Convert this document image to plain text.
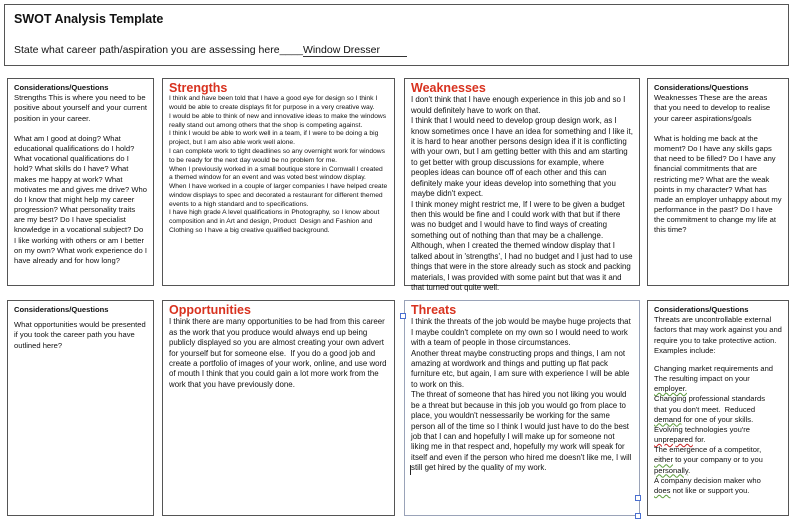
SWOT Analysis Template
State what career path/aspiration you are assessing here____Window Dresser
Considerations/Questions

Strengths This is where you need to be positive about yourself and your current position in your career.

What am I good at doing? What educational qualifications do I hold? What vocational qualifications do I hold? What skills do I have? What makes me happy at work? What motivates me and gives me drive? Who do I know that might help my career progression? What personality traits are my best? Do I have specialist knowledge in a vocational subject? Do I like working with others or am I better on my own? What work experience do I have already and for how long?

Strengths

I think and have been told that I have a good eye for design so I think I would be able to create displays fit for purpose in a very creative way.
I would be able to think of new and innovative ideas to make the windows really stand out among others that the shop is competing against.
I think I would be able to work well in a team, if I were to be doing a big project, but I am also able work well alone.
I can complete work to tight deadlines so any overnight work for windows to be ready for the next day would be no problem for me.
When I previously worked in a small boutique store in Cornwall I created a themed window for an event and was voted best window display.
When I have worked in a couple of larger companies I have helped create window displays to spec and decorated a restaurant for different themed events to a high standard and to specifications.
I have high grade A level qualifications in Photography, so I know about composition and in Art and design, Product  Design and Fashion and Clothing so I have a big creative qualified background.

Weaknesses

I don't think that I have enough experience in this job and so I would definitely have to work on that.
I think that I would need to develop group design work, as I know sometimes once I have an idea for something and I like it, it is hard to hear another persons design idea if it is conflicting with your own, but I am getting better with this and am starting to get better with group discussions for example, where peoples ideas can bounce off of each other and this can definitely make your ideas develop into something that you maybe didn't expect.
I think money might restrict me, If I were to be given a budget then this would be fine and I could work with that but if there was no budget and I would have to find ways of creating something out of nothing than that may be a challenge. Although, when I created the themed window display that I talked about in 'strengths', I had no budget and I just had to use things that were in the store already such as stock and packing materials, I was provided with some paint but that was it and that turned out quite well.

Considerations/Questions

Weaknesses These are the areas that you need to develop to realise your career aspirations/goals

What is holding me back at the moment? Do I have any skills gaps that need to be filled? Do I have any financial commitments that are restricting me? What are the weak points in my character? What has made an employer unhappy about my performance in the past? Do I have the commitment to change my life at this time?

Considerations/Questions

What opportunities would be presented if you took the career path you have outlined here?

Opportunities

I think there are many opportunities to be had from this career as the work that you produce would always end up being publicly displayed so you are almost creating your own advert for yourself but for someone else.  If you do a good job and create a portfolio of images of your work, online, and use word of mouth I think that you could gain a lot more work from the work that you have previously done.

Threats

I think the threats of the job would be maybe huge projects that I maybe couldn't complete on my own so I would need to work with a team of people in those circumstances.
Another threat maybe constructing props and things, I am not amazing at wordwork and things and putting up flat pack furniture etc, but again, I am sure with experience I will be able to work on this.
The threat of someone that has hired you not liking you would be a threat but because in this job you would go from place to place, you wouldn't nessessarily be working for the same person all of the time so I think I would just have to do the best job that I can and hopefully I will make up for someone not liking me in that respect and, hopefully my work will speak for itself and even if the person who hired me doesn't like me, I will still get hired by the quality of my work.

Considerations/Questions

Threats are uncontrollable external factors that may work against you and require you to take protective action. Examples include:

Changing market requirements and
The resulting impact on your employer.
Changing professional standards
that you don't meet.  Reduced
demand for one of your skills.
Evolving technologies you're
unprepared for.
The emergence of a competitor,
either to your company or to you
personally.
A company decision maker who
does not like or support you.
